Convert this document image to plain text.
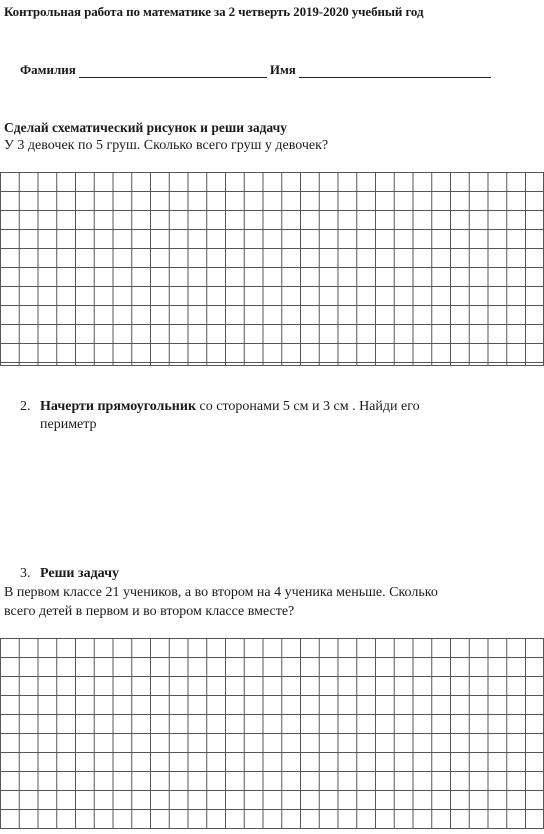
Контрольная работа по математике за 2 четверть 2019-2020 учебный год
Фамилия	Имя
Сделай схематический рисунок и реши задачу
У 3 девочек по 5 груш. Сколько всего груш у девочек?
2. Начерти прямоугольник со сторонами 5 см и 3 см . Найди его
периметр
3. Реши задачу
В первом классе 21 учеников, а во втором на 4 ученика меньше. Сколько
всего детей в первом и во втором классе вместе?
